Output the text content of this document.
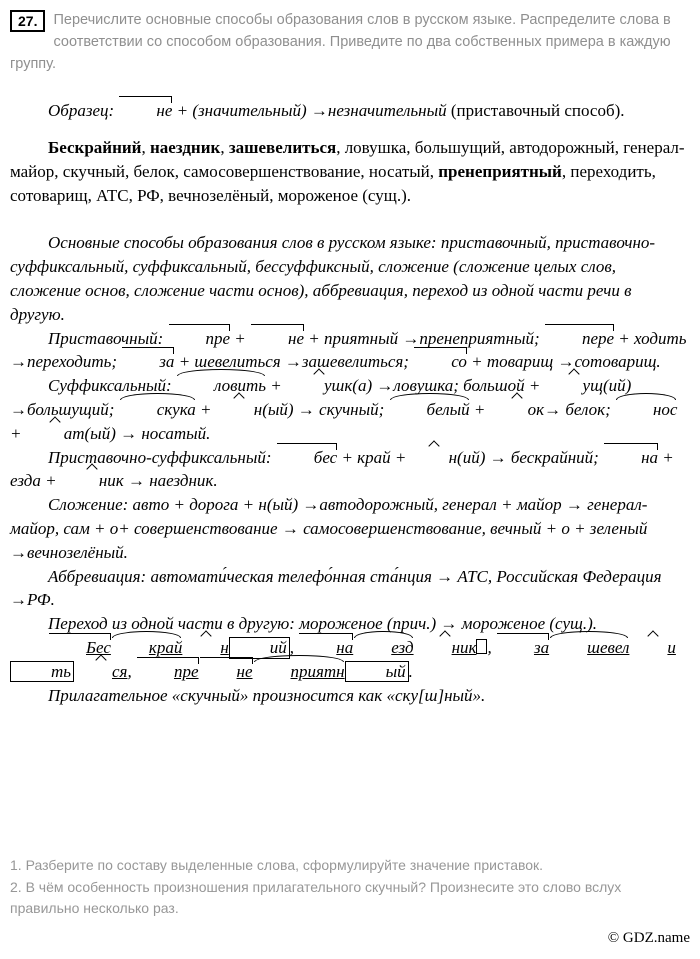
27.	Перечислите основные способы образования слов в русском языке. Распределите слова в соответствии со способом образования. Приведите по два собственных примера в каждую группу.

Образец: не + (значительный) →незначительный (приставочный способ).

Бескрайний, наездник, зашевелиться, ловушка, большущий, автодорожный, генерал-майор, скучный, белок, самосовершенствование, носатый, пренеприятный, переходить, сотоварищ, АТС, РФ, вечнозелёный, мороженое (сущ.).

Основные способы образования слов в русском языке: приставочный, приставочно-суффиксальный, суффиксальный, бессуффиксный, сложение (сложение целых слов, сложение основ, сложение части основ), аббревиация, переход из одной части речи в другую.

Приставочный: пре + не + приятный →пренеприятный; пере + ходить →переходить; за + шевелиться →зашевелиться; со + товарищ →сотоварищ.

Суффиксальный: ловить + ушк(а) →ловушка; большой + ущ(ий) →большущий; скука + н(ый) → скучный; белый + ок→ белок; нос + ат(ый) → носатый.

Приставочно-суффиксальный: бес + край + н(ий) → бескрайний; на + езда + ник → наездник.

Сложение: авто + дорога + н(ый) →автодорожный, генерал + майор → генерал-майор, сам + о+ совершенствование → самосовершенствование, вечный + о + зеленый →вечнозелёный.

Аббревиация: автомати́ческая телефо́нная ста́нция → АТС, Российская Федерация →РФ.

Переход из одной части в другую: мороженое (прич.) → мороженое (сущ.).

Бес край н ий , на езд ник , за шевел ить ся, пре не приятн ый .

Прилагательное «скучный» произносится как «ску[ш]ный».

1. Разберите по составу выделенные слова, сформулируйте значение приставок.

2. В чём особенность произношения прилагательного скучный? Произнесите это слово вслух правильно несколько раз.

© GDZ.name
